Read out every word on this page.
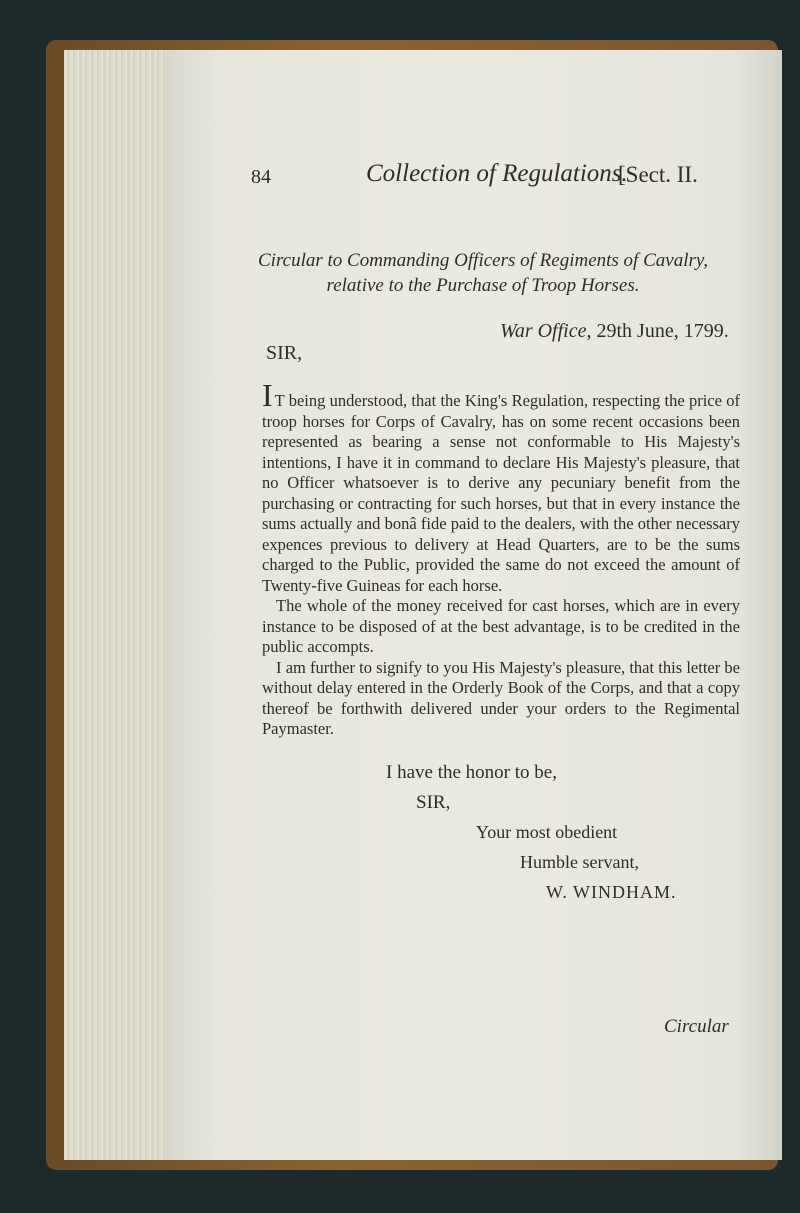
84	Collection of Regulations.
[Sect. II.
Circular to Commanding Officers of Regiments of Cavalry, relative to the Purchase of Troop Horses.
War Office, 29th June, 1799.
SIR,

I T being understood, that the King's Regulation, respecting the price of troop horses for Corps of Cavalry, has on some recent occasions been represented as bearing a sense not conformable to His Majesty's intentions, I have it in command to declare His Majesty's pleasure, that no Officer whatsoever is to derive any pecuniary benefit from the purchasing or contracting for such horses, but that in every instance the sums actually and bonâ fide paid to the dealers, with the other necessary expences previous to delivery at Head Quarters, are to be the sums charged to the Public, provided the same do not exceed the amount of Twenty-five Guineas for each horse.

The whole of the money received for cast horses, which are in every instance to be disposed of at the best advantage, is to be credited in the public accompts.

I am further to signify to you His Majesty's pleasure, that this letter be without delay entered in the Orderly Book of the Corps, and that a copy thereof be forthwith delivered under your orders to the Regimental Paymaster.

I have the honor to be,
SIR,
Your most obedient
Humble servant,
W. WINDHAM.
Circular
